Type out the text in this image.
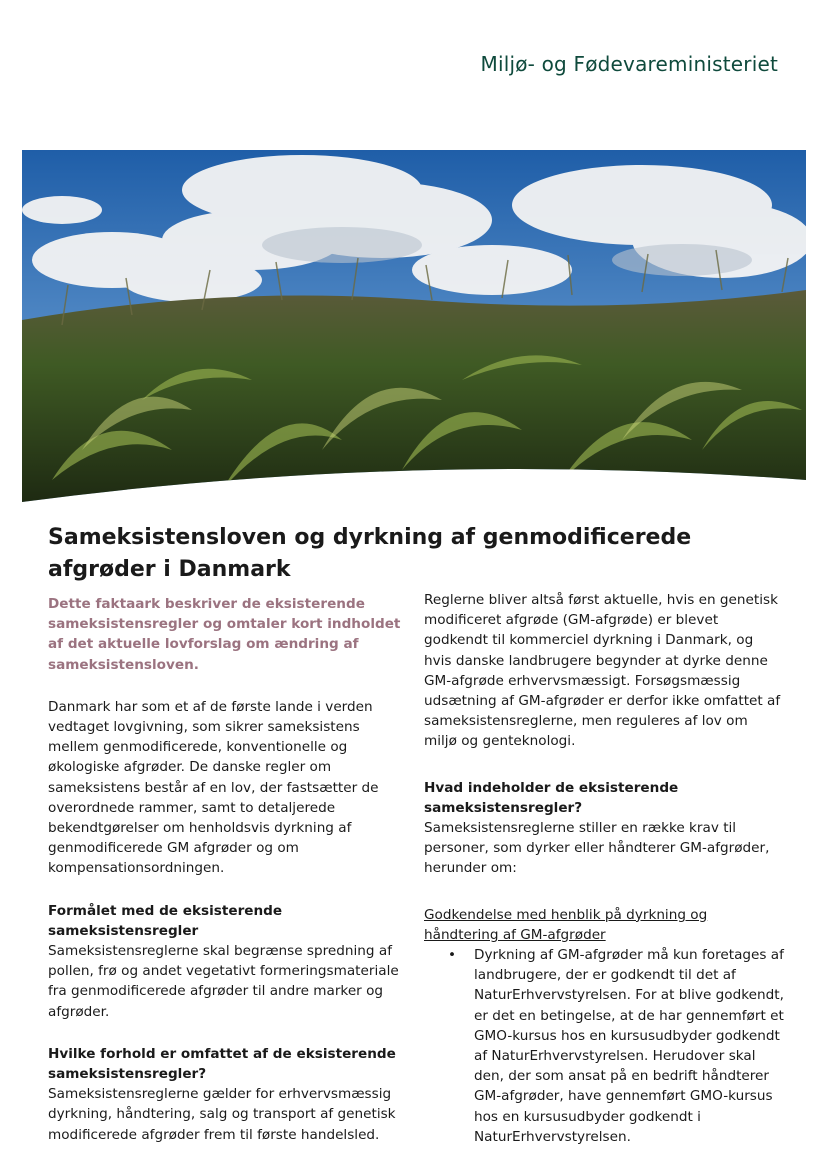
Miljø- og Fødevareministeriet
Sameksistensloven og dyrkning af genmodificerede afgrøder i Danmark

Dette faktaark beskriver de eksisterende sameksistensregler og omtaler kort indholdet af det aktuelle lovforslag om ændring af sameksistensloven.

Danmark har som et af de første lande i verden vedtaget lovgivning, som sikrer sameksistens mellem genmodificerede, konventionelle og økologiske afgrøder. De danske regler om sameksistens består af en lov, der fastsætter de overordnede rammer, samt to detaljerede bekendtgørelser om henholdsvis dyrkning af genmodificerede GM afgrøder og om kompensationsordningen.

Formålet med de eksisterende sameksistensregler

Sameksistensreglerne skal begrænse spredning af pollen, frø og andet vegetativt formeringsmateriale fra genmodificerede afgrøder til andre marker og afgrøder.

Hvilke forhold er omfattet af de eksisterende sameksistensregler?

Sameksistensreglerne gælder for erhvervsmæssig dyrkning, håndtering, salg og transport af genetisk modificerede afgrøder frem til første handelsled.

Reglerne bliver altså først aktuelle, hvis en genetisk modificeret afgrøde (GM-afgrøde) er blevet godkendt til kommerciel dyrkning i Danmark, og hvis danske landbrugere begynder at dyrke denne GM-afgrøde erhvervsmæssigt. Forsøgsmæssig udsætning af GM-afgrøder er derfor ikke omfattet af sameksistensreglerne, men reguleres af lov om miljø og genteknologi.

Hvad indeholder de eksisterende sameksistensregler?

Sameksistensreglerne stiller en række krav til personer, som dyrker eller håndterer GM-afgrøder, herunder om:

Godkendelse med henblik på dyrkning og håndtering af GM-afgrøder

• Dyrkning af GM-afgrøder må kun foretages af landbrugere, der er godkendt til det af NaturErhvervstyrelsen. For at blive godkendt, er det en betingelse, at de har gennemført et GMO-kursus hos en kursusudbyder godkendt af NaturErhvervstyrelsen. Herudover skal den, der som ansat på en bedrift håndterer GM-afgrøder, have gennemført GMO-kursus hos en kursusudbyder godkendt i NaturErhvervstyrelsen.
